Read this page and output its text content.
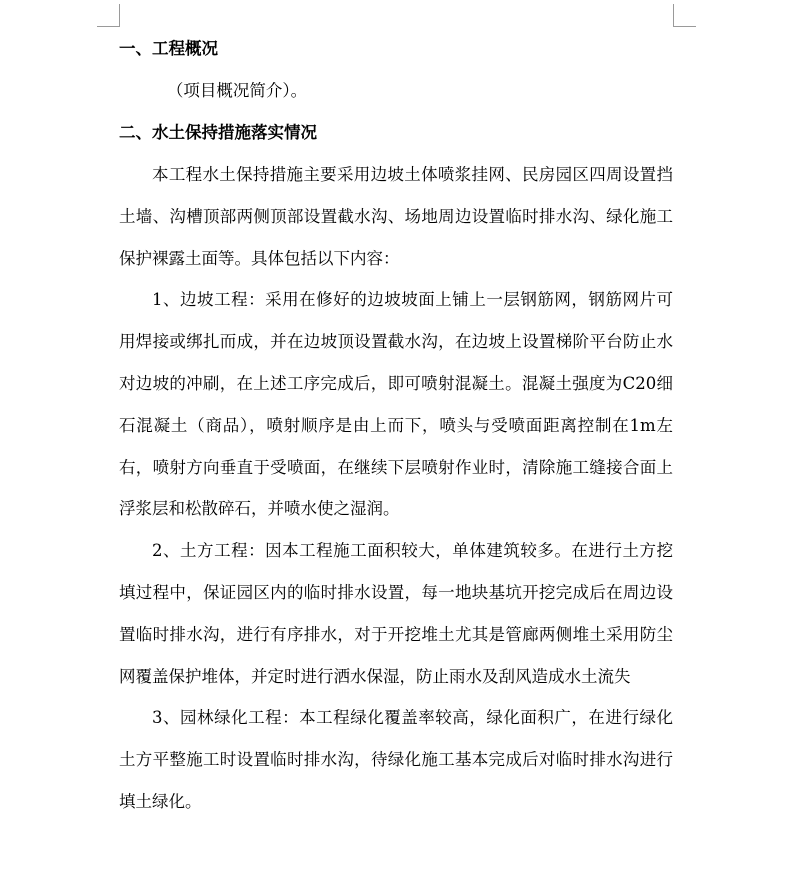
一、工程概况

（项目概况简介）。

二、水土保持措施落实情况

本工程水土保持措施主要采用边坡土体喷浆挂网、民房园区四周设置挡土墙、沟槽顶部两侧顶部设置截水沟、场地周边设置临时排水沟、绿化施工保护裸露土面等。具体包括以下内容：

1、边坡工程：采用在修好的边坡坡面上铺上一层钢筋网，钢筋网片可用焊接或绑扎而成，并在边坡顶设置截水沟，在边坡上设置梯阶平台防止水对边坡的冲刷，在上述工序完成后，即可喷射混凝土。混凝土强度为C20细石混凝土（商品），喷射顺序是由上而下，喷头与受喷面距离控制在1m左右，喷射方向垂直于受喷面，在继续下层喷射作业时，清除施工缝接合面上浮浆层和松散碎石，并喷水使之湿润。

2、土方工程：因本工程施工面积较大，单体建筑较多。在进行土方挖填过程中，保证园区内的临时排水设置，每一地块基坑开挖完成后在周边设置临时排水沟，进行有序排水，对于开挖堆土尤其是管廊两侧堆土采用防尘网覆盖保护堆体，并定时进行洒水保湿，防止雨水及刮风造成水土流失

3、园林绿化工程：本工程绿化覆盖率较高，绿化面积广，在进行绿化土方平整施工时设置临时排水沟，待绿化施工基本完成后对临时排水沟进行填土绿化。
